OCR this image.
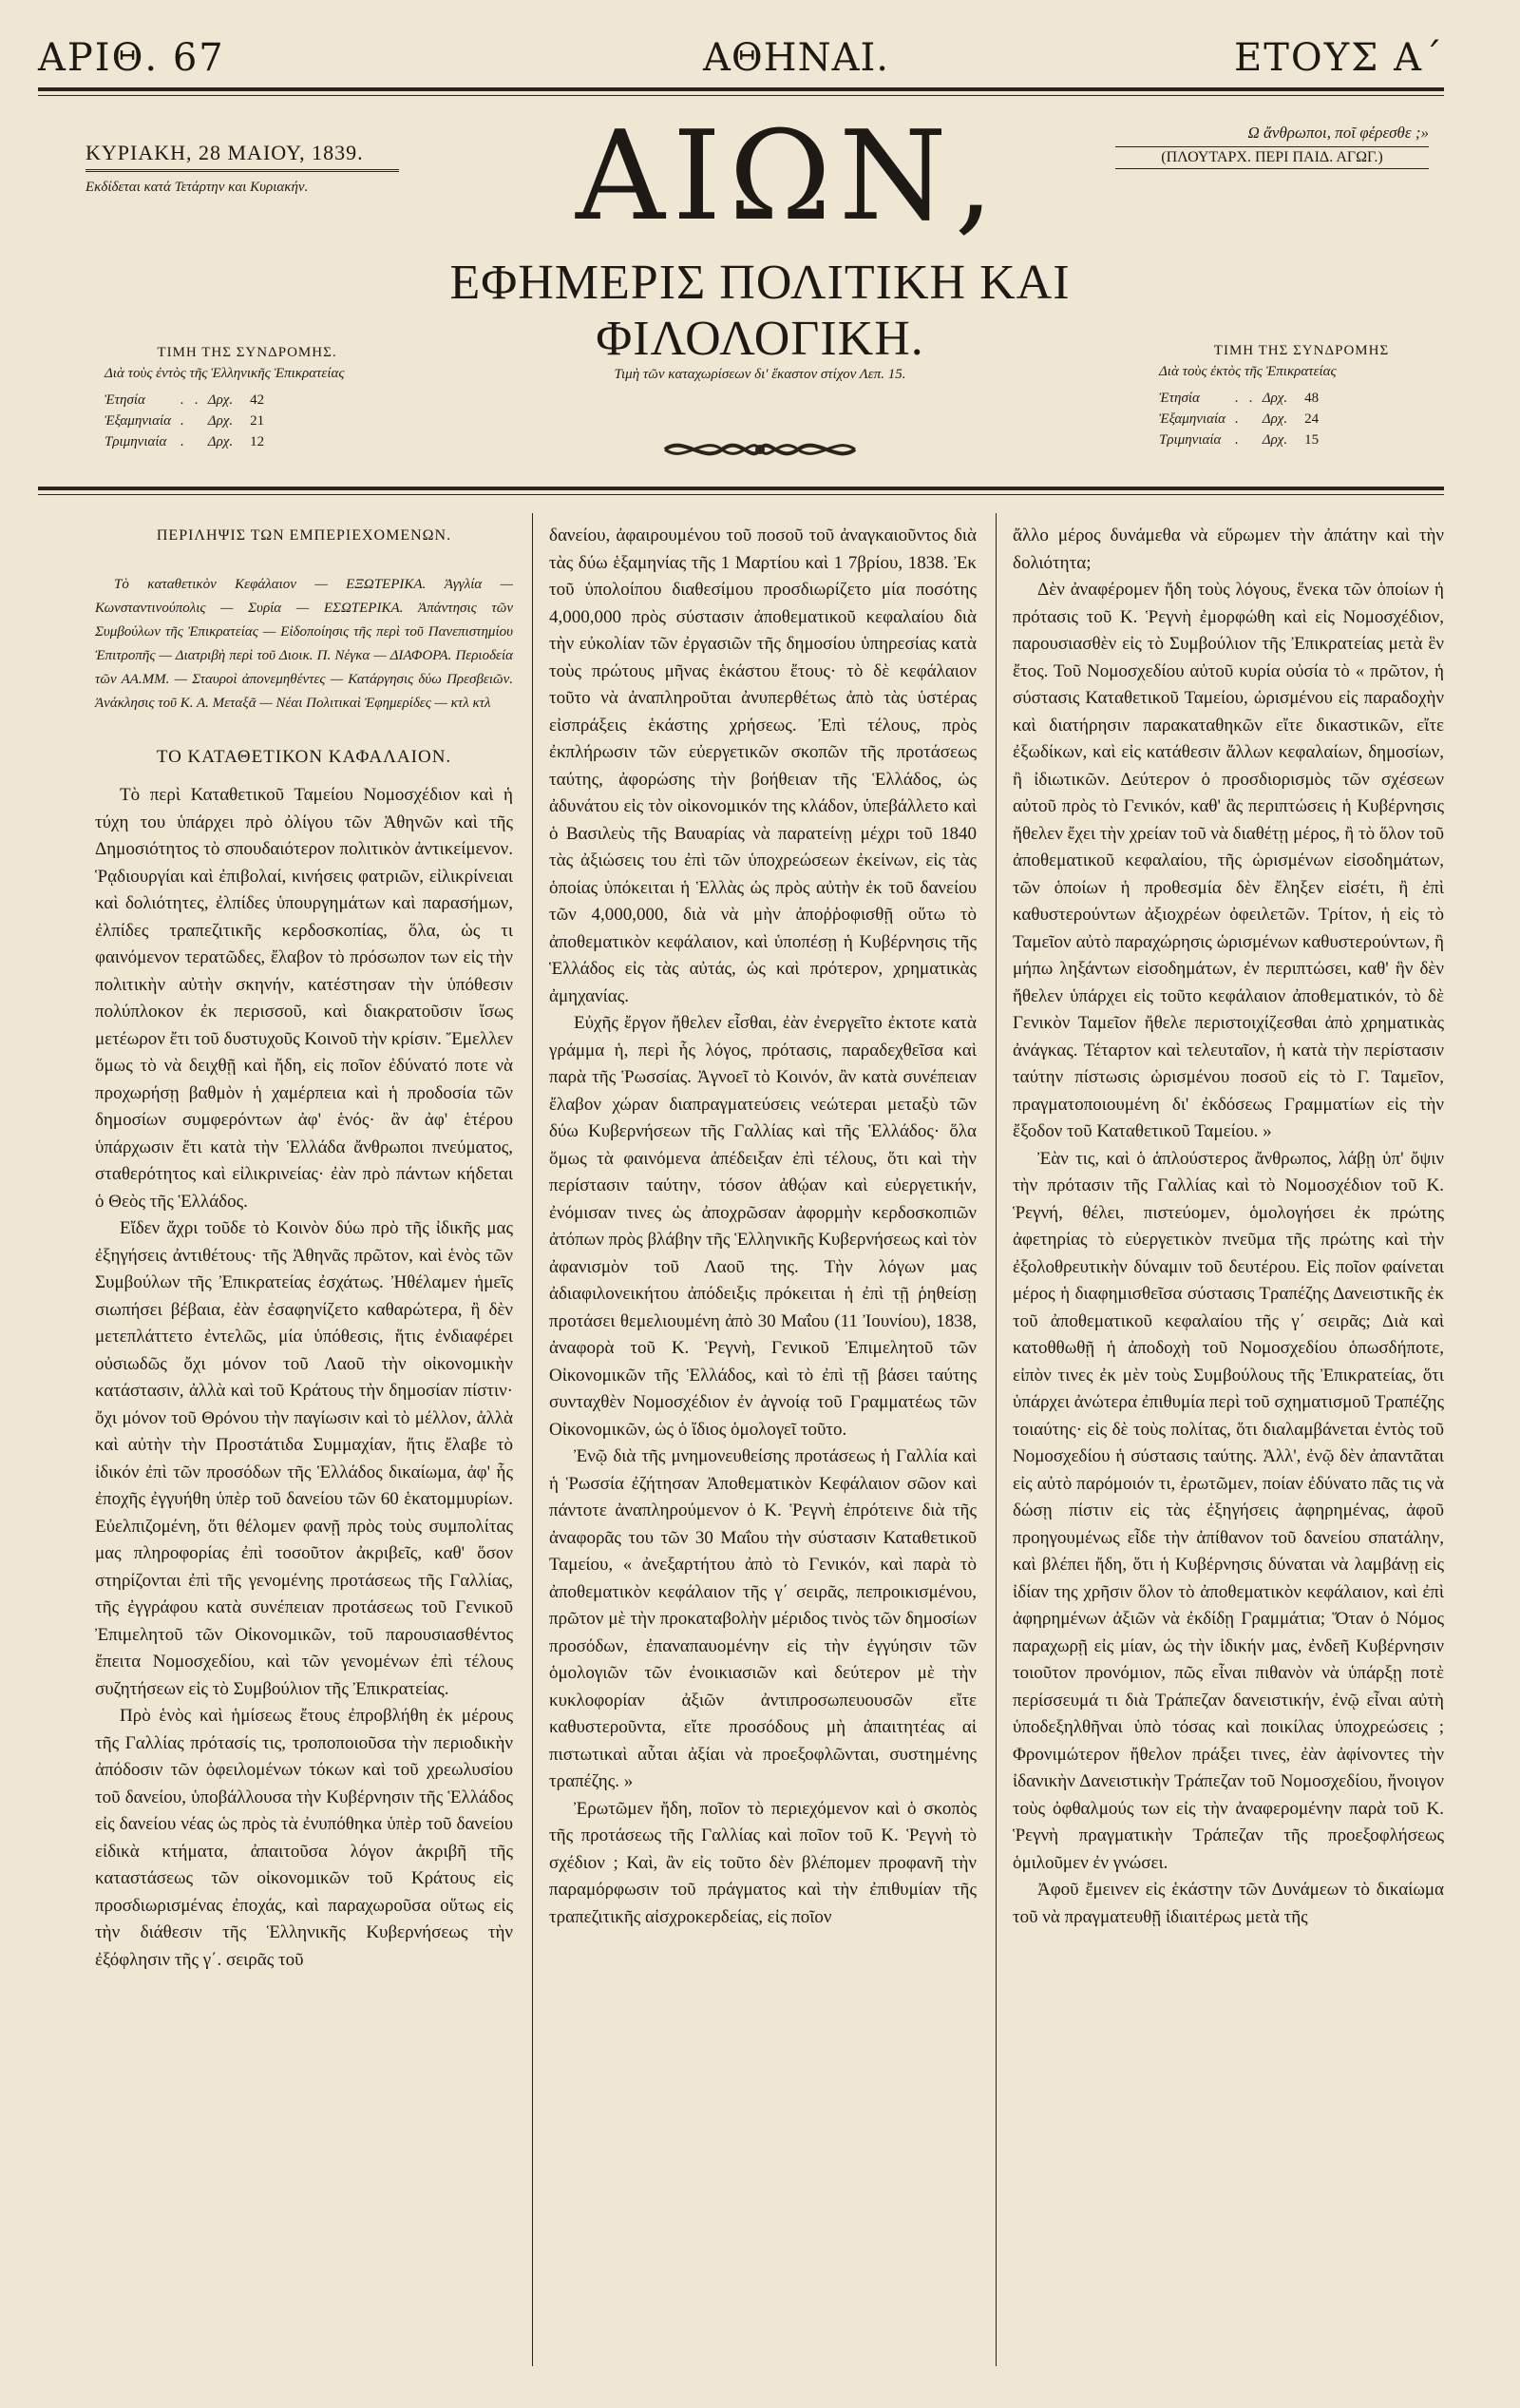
ΑΡΙΘ. 67	ΑΘΗΝΑΙ.	ΕΤΟΥΣ Α΄
ΚΥΡΙΑΚΗ, 28 ΜΑΙΟΥ, 1839.
Εκδίδεται κατά Τετάρτην και Κυριακήν.	ΑΙΩΝ,	Ω ἄνθρωποι, ποῖ φέρεσθε ;»
(ΠΛΟΥΤΑΡΧ. ΠΕΡΙ ΠΑΙΔ. ΑΓΩΓ.)
ΕΦΗΜΕΡΙΣ ΠΟΛΙΤΙΚΗ ΚΑΙ ΦΙΛΟΛΟΓΙΚΗ.
ΤΙΜΗ ΤΗΣ ΣΥΝΔΡΟΜΗΣ.
Διὰ τοὺς ἐντὸς τῆς Ἑλληνικῆς Ἐπικρατείας
Ἐτησία	.   .	Δρχ.	42
Ἐξαμηνιαία	.	Δρχ.	21
Τριμηνιαία	.	Δρχ.	12
Τιμὴ τῶν καταχωρίσεων δι' ἕκαστον στίχον Λεπ. 15.
ΤΙΜΗ ΤΗΣ ΣΥΝΔΡΟΜΗΣ
Διὰ τοὺς ἐκτὸς τῆς Ἐπικρατείας
Ἐτησία	.   .	Δρχ.	48
Ἐξαμηνιαία	.	Δρχ.	24
Τριμηνιαία	.	Δρχ.	15

ΠΕΡΙΛΗΨΙΣ ΤΩΝ ΕΜΠΕΡΙΕΧΟΜΕΝΩΝ.

Τὸ καταθετικὸν Κεφάλαιον — ΕΞΩΤΕΡΙΚΑ. Ἀγγλία — Κωνσταντινούπολις — Συρία — ΕΣΩΤΕΡΙΚΑ. Ἀπάντησις τῶν Συμβούλων τῆς Ἐπικρατείας — Εἰδοποίησις τῆς περὶ τοῦ Πανεπιστημίου Ἐπιτροπῆς — Διατριβὴ περὶ τοῦ Διοικ. Π. Νέγκα — ΔΙΑΦΟΡΑ. Περιοδεία τῶν ΑΑ.ΜΜ. — Σταυροὶ ἀπονεμηθέντες — Κατάργησις δύω Πρεσβειῶν. Ἀνάκλησις τοῦ Κ. Α. Μεταξᾶ — Νέαι Πολιτικαὶ Ἐφημερίδες — κτλ κτλ

ΤΟ ΚΑΤΑΘΕΤΙΚΟΝ ΚΑΦΑΛΑΙΟΝ.

Τὸ περὶ Καταθετικοῦ Ταμείου Νομοσχέδιον καὶ ἡ τύχη του ὑπάρχει πρὸ ὀλίγου τῶν Ἀθηνῶν καὶ τῆς Δημοσιότητος τὸ σπουδαιότερον πολιτικὸν ἀντικείμενον. Ῥᾳδιουργίαι καὶ ἐπιβολαί, κινήσεις φατριῶν, εἰλικρίνειαι καὶ δολιότητες, ἐλπίδες ὑπουργημάτων καὶ παρασήμων, ἐλπίδες τραπεζιτικῆς κερδοσκοπίας, ὅλα, ὡς τι φαινόμενον τερατῶδες, ἔλαβον τὸ πρόσωπον των εἰς τὴν πολιτικὴν αὐτὴν σκηνήν, κατέστησαν τὴν ὑπόθεσιν πολύπλοκον ἐκ περισσοῦ, καὶ διακρατοῦσιν ἴσως μετέωρον ἔτι τοῦ δυστυχοῦς Κοινοῦ τὴν κρίσιν. Ἔμελλεν ὅμως τὸ νὰ δειχθῇ καὶ ἤδη, εἰς ποῖον ἐδύνατό ποτε νὰ προχωρήσῃ βαθμὸν ἡ χαμέρπεια καὶ ἡ προδοσία τῶν δημοσίων συμφερόντων ἀφ' ἑνός· ἂν ἀφ' ἑτέρου ὑπάρχωσιν ἔτι κατὰ τὴν Ἑλλάδα ἄνθρωποι πνεύματος, σταθερότητος καὶ εἰλικρινείας· ἐὰν πρὸ πάντων κήδεται ὁ Θεὸς τῆς Ἑλλάδος.

Εἴδεν ἄχρι τοῦδε τὸ Κοινὸν δύω πρὸ τῆς ἰδικῆς μας ἐξηγήσεις ἀντιθέτους· τῆς Ἀθηνᾶς πρῶτον, καὶ ἑνὸς τῶν Συμβούλων τῆς Ἐπικρατείας ἐσχάτως. Ἠθέλαμεν ἡμεῖς σιωπήσει βέβαια, ἐὰν ἐσαφηνίζετο καθαρώτερα, ἢ δὲν μετεπλάττετο ἐντελῶς, μία ὑπόθεσις, ἥτις ἐνδιαφέρει οὐσιωδῶς ὄχι μόνον τοῦ Λαοῦ τὴν οἰκονομικὴν κατάστασιν, ἀλλὰ καὶ τοῦ Κράτους τὴν δημοσίαν πίστιν· ὄχι μόνον τοῦ Θρόνου τὴν παγίωσιν καὶ τὸ μέλλον, ἀλλὰ καὶ αὐτὴν τὴν Προστάτιδα Συμμαχίαν, ἥτις ἔλαβε τὸ ἰδικόν ἐπὶ τῶν προσόδων τῆς Ἑλλάδος δικαίωμα, ἀφ' ἧς ἐποχῆς ἐγγυήθη ὑπὲρ τοῦ δανείου τῶν 60 ἑκατομμυρίων. Εὐελπιζομένη, ὅτι θέλομεν φανῇ πρὸς τοὺς συμπολίτας μας πληροφορίας ἐπὶ τοσοῦτον ἀκριβεῖς, καθ' ὅσον στηρίζονται ἐπὶ τῆς γενομένης προτάσεως τῆς Γαλλίας, τῆς ἐγγράφου κατὰ συνέπειαν προτάσεως τοῦ Γενικοῦ Ἐπιμελητοῦ τῶν Οἰκονομικῶν, τοῦ παρουσιασθέντος ἔπειτα Νομοσχεδίου, καὶ τῶν γενομένων ἐπὶ τέλους συζητήσεων εἰς τὸ Συμβούλιον τῆς Ἐπικρατείας.

Πρὸ ἑνὸς καὶ ἡμίσεως ἔτους ἐπροβλήθη ἐκ μέρους τῆς Γαλλίας πρότασίς τις, τροποποιοῦσα τὴν περιοδικὴν ἀπόδοσιν τῶν ὀφειλομένων τόκων καὶ τοῦ χρεωλυσίου τοῦ δανείου, ὑποβάλλουσα τὴν Κυβέρνησιν τῆς Ἑλλάδος εἰς δανείου νέας ὡς πρὸς τὰ ἐνυπόθηκα ὑπὲρ τοῦ δανείου εἰδικὰ κτήματα, ἀπαιτοῦσα λόγον ἀκριβῆ τῆς καταστάσεως τῶν οἰκονομικῶν τοῦ Κράτους εἰς προσδιωρισμένας ἐποχάς, καὶ παραχωροῦσα οὕτως εἰς τὴν διάθεσιν τῆς Ἑλληνικῆς Κυβερνήσεως τὴν ἐξόφλησιν τῆς γ΄. σειρᾶς τοῦ

δανείου, ἀφαιρουμένου τοῦ ποσοῦ τοῦ ἀναγκαιοῦντος διὰ τὰς δύω ἑξαμηνίας τῆς 1 Μαρτίου καὶ 1 7βρίου, 1838. Ἐκ τοῦ ὑπολοίπου διαθεσίμου προσδιωρίζετο μία ποσότης 4,000,000 πρὸς σύστασιν ἀποθεματικοῦ κεφαλαίου διὰ τὴν εὐκολίαν τῶν ἐργασιῶν τῆς δημοσίου ὑπηρεσίας κατὰ τοὺς πρώτους μῆνας ἑκάστου ἔτους· τὸ δὲ κεφάλαιον τοῦτο νὰ ἀναπληροῦται ἀνυπερθέτως ἀπὸ τὰς ὑστέρας εἰσπράξεις ἑκάστης χρήσεως. Ἐπὶ τέλους, πρὸς ἐκπλήρωσιν τῶν εὐεργετικῶν σκοπῶν τῆς προτάσεως ταύτης, ἀφορώσης τὴν βοήθειαν τῆς Ἑλλάδος, ὡς ἀδυνάτου εἰς τὸν οἰκονομικόν της κλάδον, ὑπεβάλλετο καὶ ὁ Βασιλεὺς τῆς Βαυαρίας νὰ παρατείνῃ μέχρι τοῦ 1840 τὰς ἀξιώσεις του ἐπὶ τῶν ὑποχρεώσεων ἐκείνων, εἰς τὰς ὁποίας ὑπόκειται ἡ Ἑλλὰς ὡς πρὸς αὐτὴν ἐκ τοῦ δανείου τῶν 4,000,000, διὰ νὰ μὴν ἀποῤῥοφισθῇ οὕτω τὸ ἀποθεματικὸν κεφάλαιον, καὶ ὑποπέσῃ ἡ Κυβέρνησις τῆς Ἑλλάδος εἰς τὰς αὐτάς, ὡς καὶ πρότερον, χρηματικὰς ἀμηχανίας.

Εὐχῆς ἔργον ἤθελεν εἶσθαι, ἐὰν ἐνεργεῖτο ἐκτοτε κατὰ γράμμα ἡ, περὶ ἧς λόγος, πρότασις, παραδεχθεῖσα καὶ παρὰ τῆς Ῥωσσίας. Ἀγνοεῖ τὸ Κοινόν, ἂν κατὰ συνέπειαν ἔλαβον χώραν διαπραγματεύσεις νεώτεραι μεταξὺ τῶν δύω Κυβερνήσεων τῆς Γαλλίας καὶ τῆς Ἑλλάδος· ὅλα ὅμως τὰ φαινόμενα ἀπέδειξαν ἐπὶ τέλους, ὅτι καὶ τὴν περίστασιν ταύτην, τόσον ἀθῴαν καὶ εὐεργετικήν, ἐνόμισαν τινες ὡς ἀποχρῶσαν ἀφορμὴν κερδοσκοπιῶν ἀτόπων πρὸς βλάβην τῆς Ἑλληνικῆς Κυβερνήσεως καὶ τὸν ἀφανισμὸν τοῦ Λαοῦ της. Τὴν λόγων μας ἀδιαφιλονεικήτου ἀπόδειξις πρόκειται ἡ ἐπὶ τῇ ῥηθείσῃ προτάσει θεμελιουμένη ἀπὸ 30 Μαΐου (11 Ἰουνίου), 1838, ἀναφορὰ τοῦ Κ. Ῥεγνὴ, Γενικοῦ Ἐπιμελητοῦ τῶν Οἰκονομικῶν τῆς Ἑλλάδος, καὶ τὸ ἐπὶ τῇ βάσει ταύτης συνταχθὲν Νομοσχέδιον ἐν ἀγνοίᾳ τοῦ Γραμματέως τῶν Οἰκονομικῶν, ὡς ὁ ἴδιος ὁμολογεῖ τοῦτο.

Ἐνῷ διὰ τῆς μνημονευθείσης προτάσεως ἡ Γαλλία καὶ ἡ Ῥωσσία ἐζήτησαν Ἀποθεματικὸν Κεφάλαιον σῶον καὶ πάντοτε ἀναπληρούμενον ὁ Κ. Ῥεγνὴ ἐπρότεινε διὰ τῆς ἀναφορᾶς του τῶν 30 Μαΐου τὴν σύστασιν Καταθετικοῦ Ταμείου, « ἀνεξαρτήτου ἀπὸ τὸ Γενικόν, καὶ παρὰ τὸ ἀποθεματικὸν κεφάλαιον τῆς γ΄ σειρᾶς, πεπροικισμένου, πρῶτον μὲ τὴν προκαταβολὴν μέριδος τινὸς τῶν δημοσίων προσόδων, ἐπαναπαυομένην εἰς τὴν ἐγγύησιν τῶν ὁμολογιῶν τῶν ἐνοικιασιῶν καὶ δεύτερον μὲ τὴν κυκλοφορίαν ἀξιῶν ἀντιπροσωπευουσῶν εἴτε καθυστεροῦντα, εἴτε προσόδους μὴ ἀπαιτητέας αἱ πιστωτικαὶ αὗται ἀξίαι νὰ προεξοφλῶνται, συστημένης τραπέζης. »

Ἐρωτῶμεν ἤδη, ποῖον τὸ περιεχόμενον καὶ ὁ σκοπὸς τῆς προτάσεως τῆς Γαλλίας καὶ ποῖον τοῦ Κ. Ῥεγνὴ τὸ σχέδιον ; Καὶ, ἂν εἰς τοῦτο δὲν βλέπομεν προφανῆ τὴν παραμόρφωσιν τοῦ πράγματος καὶ τὴν ἐπιθυμίαν τῆς τραπεζιτικῆς αἰσχροκερδείας, εἰς ποῖον

ἄλλο μέρος δυνάμεθα νὰ εὕρωμεν τὴν ἀπάτην καὶ τὴν δολιότητα;

Δὲν ἀναφέρομεν ἤδη τοὺς λόγους, ἕνεκα τῶν ὁποίων ἡ πρότασις τοῦ Κ. Ῥεγνὴ ἐμορφώθη καὶ εἰς Νομοσχέδιον, παρουσιασθὲν εἰς τὸ Συμβούλιον τῆς Ἐπικρατείας μετὰ ἓν ἔτος. Τοῦ Νομοσχεδίου αὐτοῦ κυρία οὐσία τὸ « πρῶτον, ἡ σύστασις Καταθετικοῦ Ταμείου, ὡρισμένου εἰς παραδοχὴν καὶ διατήρησιν παρακαταθηκῶν εἴτε δικαστικῶν, εἴτε ἐξωδίκων, καὶ εἰς κατάθεσιν ἄλλων κεφαλαίων, δημοσίων, ἢ ἰδιωτικῶν. Δεύτερον ὁ προσδιορισμὸς τῶν σχέσεων αὐτοῦ πρὸς τὸ Γενικόν, καθ' ἃς περιπτώσεις ἡ Κυβέρνησις ἤθελεν ἔχει τὴν χρείαν τοῦ νὰ διαθέτῃ μέρος, ἢ τὸ ὅλον τοῦ ἀποθεματικοῦ κεφαλαίου, τῆς ὡρισμένων εἰσοδημάτων, τῶν ὁποίων ἡ προθεσμία δὲν ἔληξεν εἰσέτι, ἢ ἐπὶ καθυστερούντων ἀξιοχρέων ὀφειλετῶν. Τρίτον, ἡ εἰς τὸ Ταμεῖον αὐτὸ παραχώρησις ὡρισμένων καθυστερούντων, ἢ μήπω ληξάντων εἰσοδημάτων, ἐν περιπτώσει, καθ' ἣν δὲν ἤθελεν ὑπάρχει εἰς τοῦτο κεφάλαιον ἀποθεματικόν, τὸ δὲ Γενικὸν Ταμεῖον ἤθελε περιστοιχίζεσθαι ἀπὸ χρηματικὰς ἀνάγκας. Τέταρτον καὶ τελευταῖον, ἡ κατὰ τὴν περίστασιν ταύτην πίστωσις ὡρισμένου ποσοῦ εἰς τὸ Γ. Ταμεῖον, πραγματοποιουμένη δι' ἐκδόσεως Γραμματίων εἰς τὴν ἔξοδον τοῦ Καταθετικοῦ Ταμείου. »

Ἐὰν τις, καὶ ὁ ἁπλούστερος ἄνθρωπος, λάβῃ ὑπ' ὄψιν τὴν πρότασιν τῆς Γαλλίας καὶ τὸ Νομοσχέδιον τοῦ Κ. Ῥεγνή, θέλει, πιστεύομεν, ὁμολογήσει ἐκ πρώτης ἀφετηρίας τὸ εὐεργετικὸν πνεῦμα τῆς πρώτης καὶ τὴν ἐξολοθρευτικὴν δύναμιν τοῦ δευτέρου. Εἰς ποῖον φαίνεται μέρος ἡ διαφημισθεῖσα σύστασις Τραπέζης Δανειστικῆς ἐκ τοῦ ἀποθεματικοῦ κεφαλαίου τῆς γ΄ σειρᾶς; Διὰ καὶ κατοθθωθῇ ἡ ἀποδοχὴ τοῦ Νομοσχεδίου ὁπωσδήποτε, εἰπὸν τινες ἐκ μὲν τοὺς Συμβούλους τῆς Ἐπικρατείας, ὅτι ὑπάρχει ἀνώτερα ἐπιθυμία περὶ τοῦ σχηματισμοῦ Τραπέζης τοιαύτης· εἰς δὲ τοὺς πολίτας, ὅτι διαλαμβάνεται ἐντὸς τοῦ Νομοσχεδίου ἡ σύστασις ταύτης. Ἀλλ', ἐνῷ δὲν ἀπαντᾶται εἰς αὐτὸ παρόμοιόν τι, ἐρωτῶμεν, ποίαν ἐδύνατο πᾶς τις νὰ δώσῃ πίστιν εἰς τὰς ἐξηγήσεις ἀφηρημένας, ἀφοῦ προηγουμένως εἶδε τὴν ἀπίθανον τοῦ δανείου σπατάλην, καὶ βλέπει ἤδη, ὅτι ἡ Κυβέρνησις δύναται νὰ λαμβάνῃ εἰς ἰδίαν της χρῆσιν ὅλον τὸ ἀποθεματικὸν κεφάλαιον, καὶ ἐπὶ ἀφηρημένων ἀξιῶν νὰ ἐκδίδῃ Γραμμάτια; Ὅταν ὁ Νόμος παραχωρῇ εἰς μίαν, ὡς τὴν ἰδικήν μας, ἐνδεῆ Κυβέρνησιν τοιοῦτον προνόμιον, πῶς εἶναι πιθανὸν νὰ ὑπάρξῃ ποτὲ περίσσευμά τι διὰ Τράπεζαν δανειστικήν, ἐνῷ εἶναι αὐτὴ ὑποδεξηλθῆναι ὑπὸ τόσας καὶ ποικίλας ὑποχρεώσεις ; Φρονιμώτερον ἤθελον πράξει τινες, ἐὰν ἀφίνοντες τὴν ἰδανικὴν Δανειστικὴν Τράπεζαν τοῦ Νομοσχεδίου, ἤνοιγον τοὺς ὀφθαλμούς των εἰς τὴν ἀναφερομένην παρὰ τοῦ Κ. Ῥεγνὴ πραγματικὴν Τράπεζαν τῆς προεξοφλήσεως ὁμιλοῦμεν ἐν γνώσει.

Ἀφοῦ ἔμεινεν εἰς ἑκάστην τῶν Δυνάμεων τὸ δικαίωμα τοῦ νὰ πραγματευθῇ ἰδιαιτέρως μετὰ τῆς
